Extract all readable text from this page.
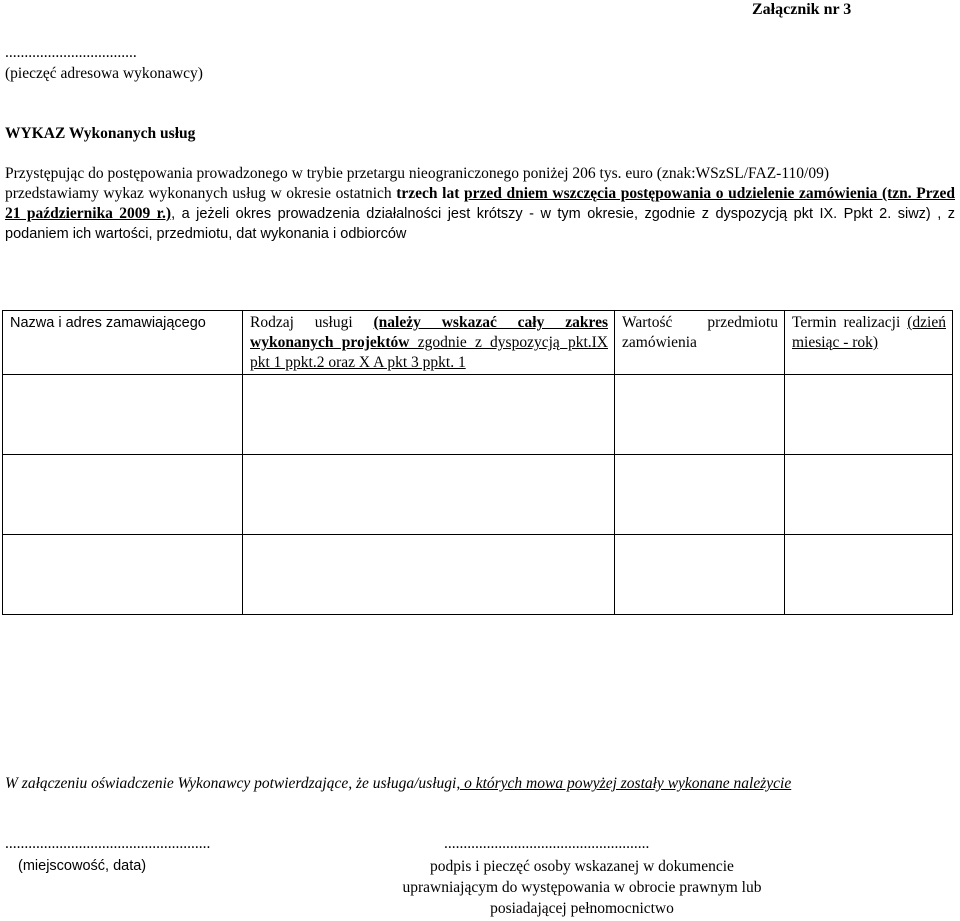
Załącznik nr 3
..................................
(pieczęć adresowa wykonawcy)
WYKAZ Wykonanych usług

Przystępując do postępowania prowadzonego w trybie przetargu nieograniczonego poniżej 206 tys. euro (znak:WSzSL/FAZ-110/09)

przedstawiamy wykaz wykonanych usług w okresie ostatnich trzech lat przed dniem wszczęcia postępowania o udzielenie zamówienia (tzn. Przed 21 października 2009 r.), a jeżeli okres prowadzenia działalności jest krótszy - w tym okresie, zgodnie z dyspozycją pkt IX. Ppkt 2. siwz) , z podaniem ich wartości, przedmiotu, dat wykonania i odbiorców

Nazwa i adres zamawiającego	Rodzaj usługi (należy wskazać cały zakres wykonanych projektów zgodnie z dyspozycją pkt.IX pkt 1 ppkt.2 oraz X A pkt 3 ppkt. 1	Wartość przedmiotu zamówienia	Termin realizacji (dzień miesiąc - rok)

W załączeniu oświadczenie Wykonawcy potwierdzające, że usługa/usługi, o których mowa powyżej zostały wykonane należycie
.....................................................	.....................................................
(miejscowość, data)	podpis i pieczęć osoby wskazanej w dokumencie
uprawniającym do występowania w obrocie prawnym lub
posiadającej pełnomocnictwo
